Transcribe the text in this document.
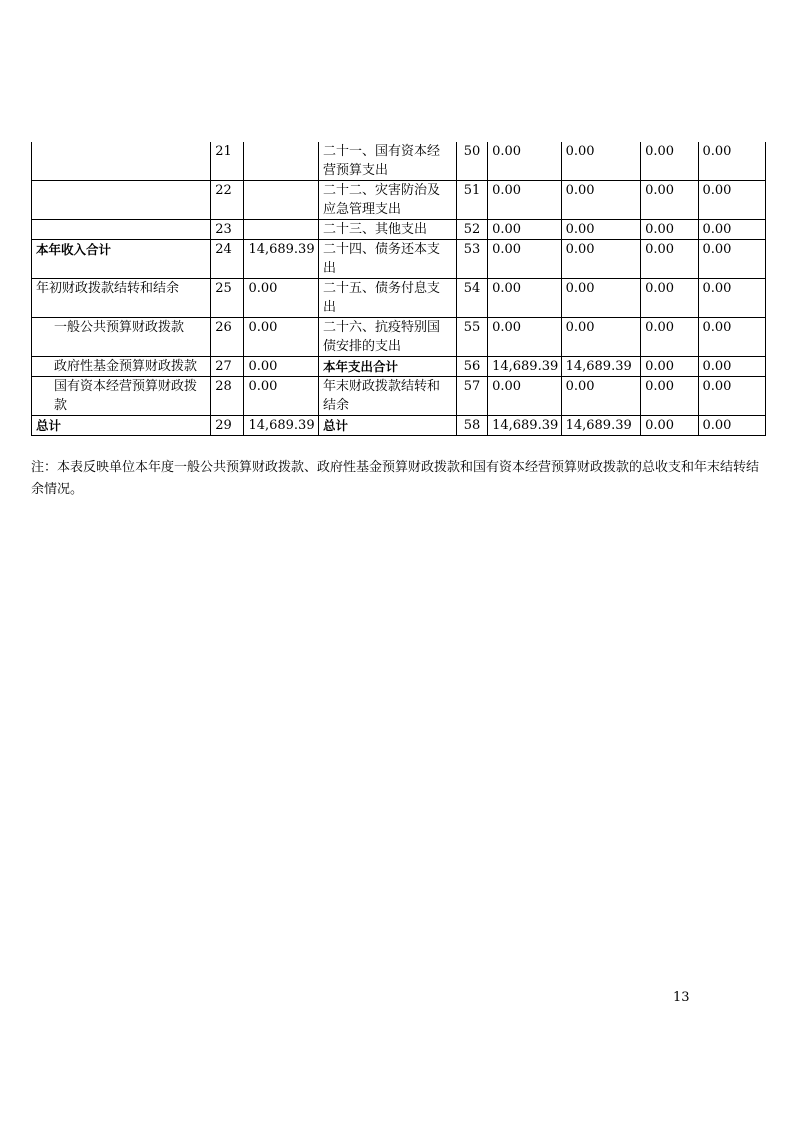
	21		二十一、国有资本经营预算支出	50	0.00	0.00	0.00	0.00
	22		二十二、灾害防治及应急管理支出	51	0.00	0.00	0.00	0.00
	23		二十三、其他支出	52	0.00	0.00	0.00	0.00
本年收入合计	24	14,689.39	二十四、债务还本支出	53	0.00	0.00	0.00	0.00
年初财政拨款结转和结余	25	0.00	二十五、债务付息支出	54	0.00	0.00	0.00	0.00
一般公共预算财政拨款	26	0.00	二十六、抗疫特别国债安排的支出	55	0.00	0.00	0.00	0.00
政府性基金预算财政拨款	27	0.00	本年支出合计	56	14,689.39	14,689.39	0.00	0.00
国有资本经营预算财政拨款	28	0.00	年末财政拨款结转和结余	57	0.00	0.00	0.00	0.00
总计	29	14,689.39	总计	58	14,689.39	14,689.39	0.00	0.00

注：本表反映单位本年度一般公共预算财政拨款、政府性基金预算财政拨款和国有资本经营预算财政拨款的总收支和年末结转结余情况。

13
